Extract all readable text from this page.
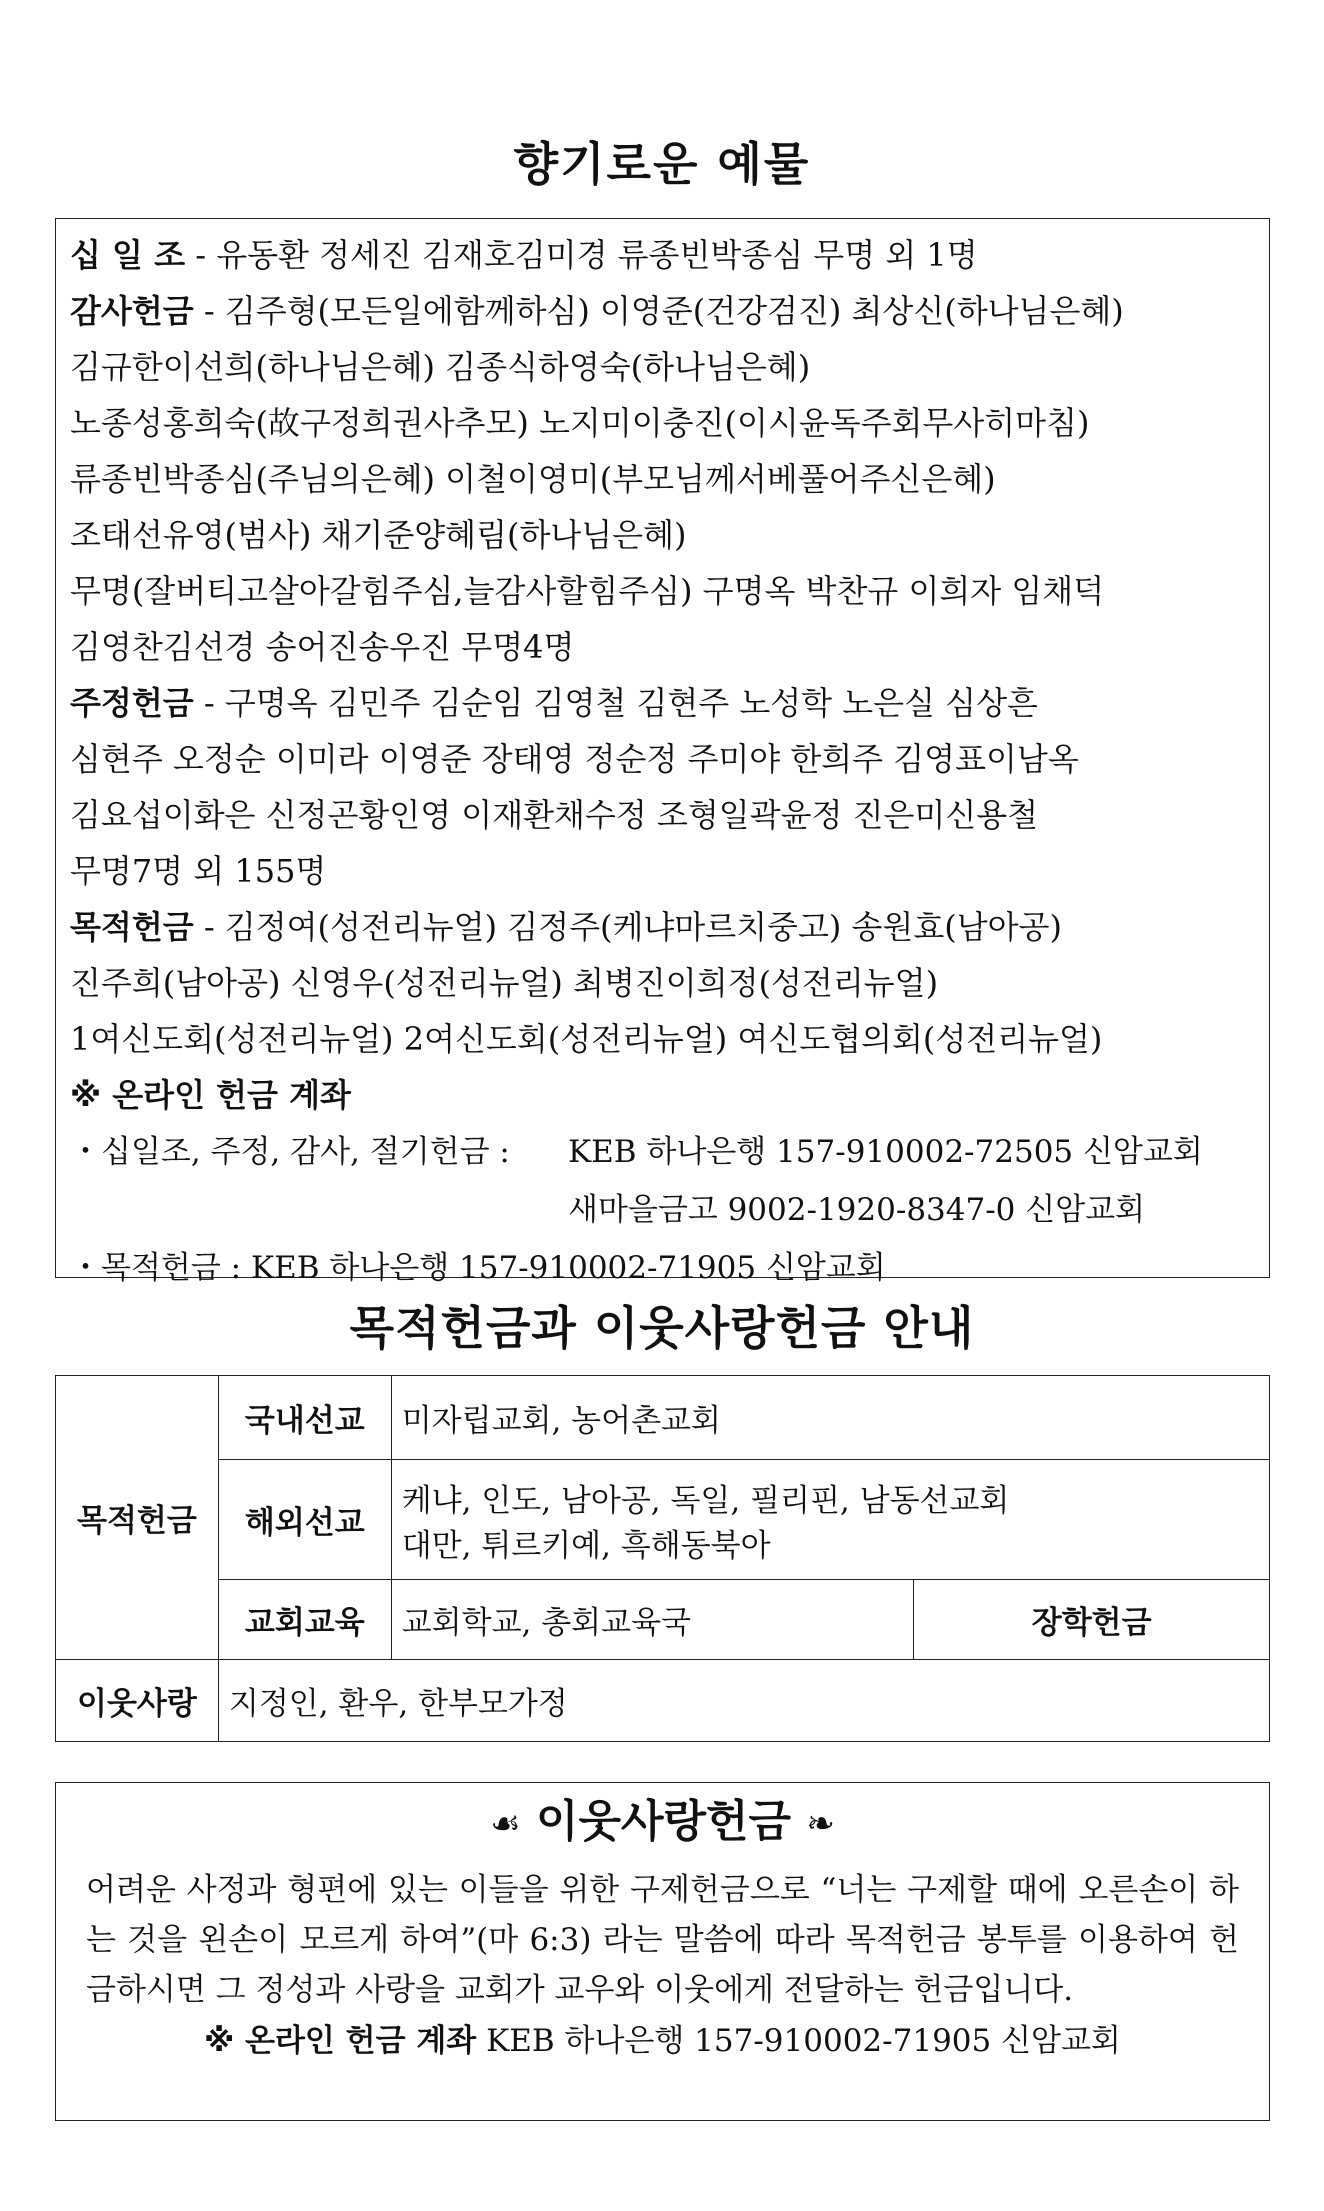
향기로운 예물
십 일 조 - 유동환 정세진 김재호김미경 류종빈박종심 무명 외 1명
감사헌금 - 김주형(모든일에함께하심) 이영준(건강검진) 최상신(하나님은혜)
김규한이선희(하나님은혜) 김종식하영숙(하나님은혜)
노종성홍희숙(故구정희권사추모) 노지미이충진(이시윤독주회무사히마침)
류종빈박종심(주님의은혜) 이철이영미(부모님께서베풀어주신은혜)
조태선유영(범사) 채기준양혜림(하나님은혜)
무명(잘버티고살아갈힘주심,늘감사할힘주심) 구명옥 박찬규 이희자 임채덕
김영찬김선경 송어진송우진 무명4명
주정헌금 - 구명옥 김민주 김순임 김영철 김현주 노성학 노은실 심상흔
심현주 오정순 이미라 이영준 장태영 정순정 주미야 한희주 김영표이남옥
김요섭이화은 신정곤황인영 이재환채수정 조형일곽윤정 진은미신용철
무명7명 외 155명
목적헌금 - 김정여(성전리뉴얼) 김정주(케냐마르치중고) 송원효(남아공)
진주희(남아공) 신영우(성전리뉴얼) 최병진이희정(성전리뉴얼)
1여신도회(성전리뉴얼) 2여신도회(성전리뉴얼) 여신도협의회(성전리뉴얼)
※ 온라인 헌금 계좌
・십일조, 주정, 감사, 절기헌금 : KEB 하나은행 157-910002-72505 신암교회
새마을금고 9002-1920-8347-0 신암교회
・목적헌금 : KEB 하나은행 157-910002-71905 신암교회
목적헌금과 이웃사랑헌금 안내
목적헌금	국내선교	미자립교회, 농어촌교회	
	해외선교	케냐, 인도, 남아공, 독일, 필리핀, 남동선교회
대만, 튀르키예, 흑해동북아	

	교회교육	교회학교, 총회교육국	장학헌금
이웃사랑	지정인, 환우, 한부모가정		
☙ 이웃사랑헌금 ❧
어려운 사정과 형편에 있는 이들을 위한 구제헌금으로 “너는 구제할 때에 오른손이 하는 것을 왼손이 모르게 하여”(마 6:3) 라는 말씀에 따라 목적헌금 봉투를 이용하여 헌금하시면 그 정성과 사랑을 교회가 교우와 이웃에게 전달하는 헌금입니다.
※ 온라인 헌금 계좌 KEB 하나은행 157-910002-71905 신암교회
